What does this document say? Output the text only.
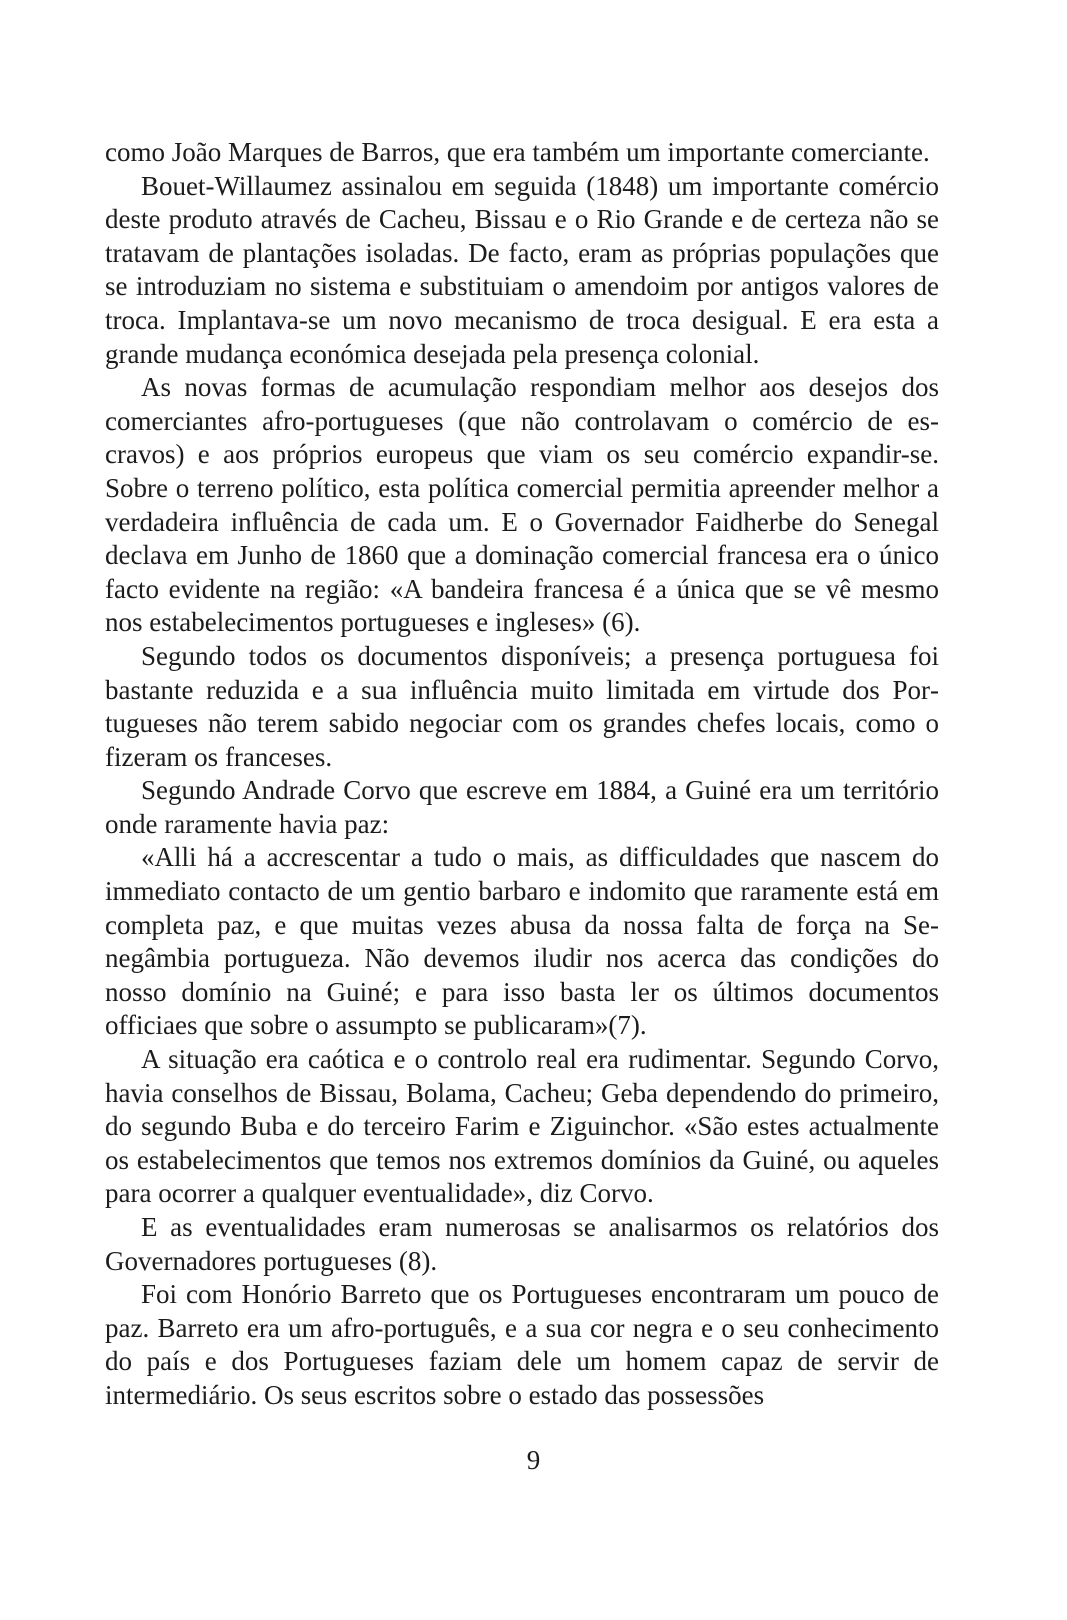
como João Marques de Barros, que era também um importante comerciante.

Bouet-Willaumez assinalou em seguida (1848) um importante comércio deste produto através de Cacheu, Bissau e o Rio Grande e de certeza não se tratavam de plantações isoladas. De facto, eram as próprias populações que se introduziam no sistema e substituiam o amendoim por antigos valores de troca. Implantava-se um novo mecanismo de troca desigual. E era esta a grande mudança económica desejada pela presença colonial.

As novas formas de acumulação respondiam melhor aos desejos dos comerciantes afro-portugueses (que não controlavam o comércio de escravos) e aos próprios europeus que viam os seu comércio expandir-se. Sobre o terreno político, esta política comercial permitia apreender melhor a verdadeira influência de cada um. E o Governador Faidherbe do Senegal declava em Junho de 1860 que a dominação comercial francesa era o único facto evidente na região: «A bandeira francesa é a única que se vê mesmo nos estabelecimentos portugueses e ingleses» (6).

Segundo todos os documentos disponíveis; a presença portuguesa foi bastante reduzida e a sua influência muito limitada em virtude dos Portugueses não terem sabido negociar com os grandes chefes locais, como o fizeram os franceses.

Segundo Andrade Corvo que escreve em 1884, a Guiné era um território onde raramente havia paz:

«Alli há a accrescentar a tudo o mais, as difficuldades que nascem do immediato contacto de um gentio barbaro e indomito que raramente está em completa paz, e que muitas vezes abusa da nossa falta de força na Senegâmbia portugueza. Não devemos iludir nos acerca das condições do nosso domínio na Guiné; e para isso basta ler os últimos documentos officiaes que sobre o assumpto se publicaram»(7).

A situação era caótica e o controlo real era rudimentar. Segundo Corvo, havia conselhos de Bissau, Bolama, Cacheu; Geba dependendo do primeiro, do segundo Buba e do terceiro Farim e Ziguinchor. «São estes actualmente os estabelecimentos que temos nos extremos domínios da Guiné, ou aqueles para ocorrer a qualquer eventualidade», diz Corvo.

E as eventualidades eram numerosas se analisarmos os relatórios dos Governadores portugueses (8).

Foi com Honório Barreto que os Portugueses encontraram um pouco de paz. Barreto era um afro-português, e a sua cor negra e o seu conhecimento do país e dos Portugueses faziam dele um homem capaz de servir de intermediário. Os seus escritos sobre o estado das possessões

9
